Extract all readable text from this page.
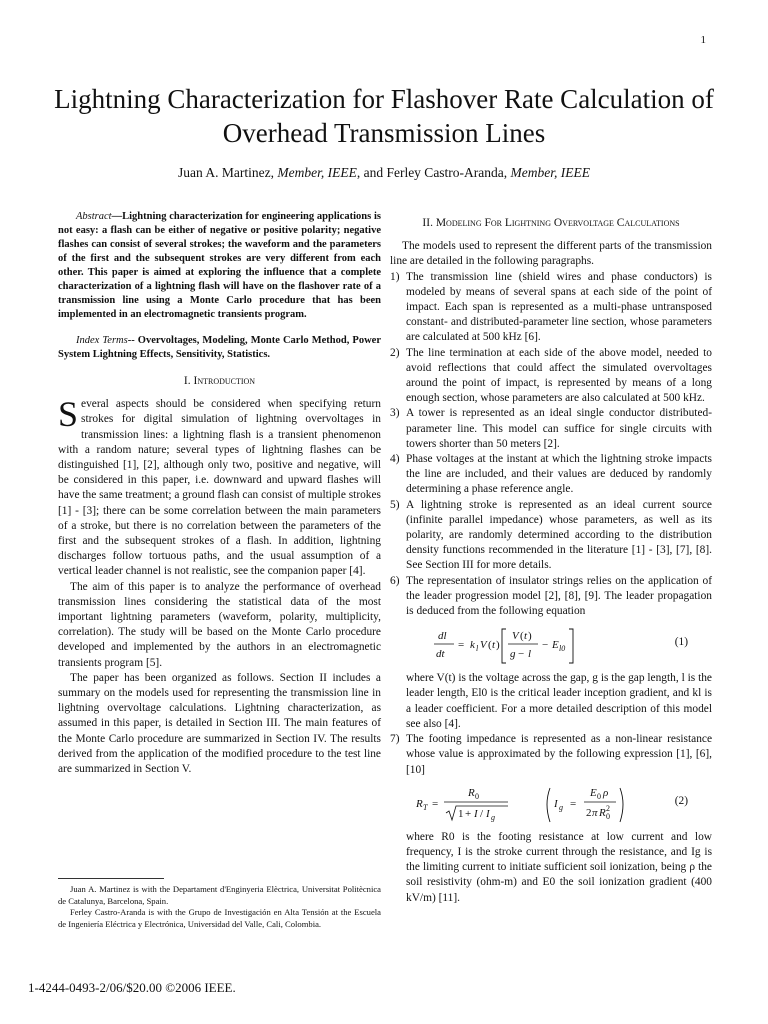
1
Lightning Characterization for Flashover Rate Calculation of Overhead Transmission Lines
Juan A. Martinez, Member, IEEE, and Ferley Castro-Aranda, Member, IEEE

Abstract—Lightning characterization for engineering applications is not easy: a flash can be either of negative or positive polarity; negative flashes can consist of several strokes; the waveform and the parameters of the first and the subsequent strokes are very different from each other. This paper is aimed at exploring the influence that a complete characterization of a lightning flash will have on the flashover rate of a transmission line using a Monte Carlo procedure that has been implemented in an electromagnetic transients program.

Index Terms-- Overvoltages, Modeling, Monte Carlo Method, Power System Lightning Effects, Sensitivity, Statistics.

I. Introduction

Several aspects should be considered when specifying return strokes for digital simulation of lightning overvoltages in transmission lines: a lightning flash is a transient phenomenon with a random nature; several types of lightning flashes can be distinguished [1], [2], although only two, positive and negative, will be considered in this paper, i.e. downward and upward flashes will have the same treatment; a ground flash can consist of multiple strokes [1] - [3]; there can be some correlation between the main parameters of a stroke, but there is no correlation between the parameters of the first and the subsequent strokes of a flash. In addition, lightning discharges follow tortuous paths, and the usual assumption of a vertical leader channel is not realistic, see the companion paper [4].

The aim of this paper is to analyze the performance of overhead transmission lines considering the statistical data of the most important lightning parameters (waveform, polarity, multiplicity, correlation). The study will be based on the Monte Carlo procedure developed and implemented by the authors in an electromagnetic transients program [5].

The paper has been organized as follows. Section II includes a summary on the models used for representing the transmission line in lightning overvoltage calculations. Lightning characterization, as assumed in this paper, is detailed in Section III. The main features of the Monte Carlo procedure are summarized in Section IV. The results derived from the application of the modified procedure to the test line are summarized in Section V.

Juan A. Martinez is with the Departament d'Enginyeria Elèctrica, Universitat Politècnica de Catalunya, Barcelona, Spain.

Ferley Castro-Aranda is with the Grupo de Investigación en Alta Tensión at the Escuela de Ingeniería Eléctrica y Electrónica, Universidad del Valle, Cali, Colombia.

1-4244-0493-2/06/$20.00 ©2006 IEEE.
II. Modeling For Lightning Overvoltage Calculations

The models used to represent the different parts of the transmission line are detailed in the following paragraphs.

1) The transmission line (shield wires and phase conductors) is modeled by means of several spans at each side of the point of impact. Each span is represented as a multi-phase untransposed constant- and distributed-parameter line section, whose parameters are calculated at 500 kHz [6].
2) The line termination at each side of the above model, needed to avoid reflections that could affect the simulated overvoltages around the point of impact, is represented by means of a long enough section, whose parameters are also calculated at 500 kHz.
3) A tower is represented as an ideal single conductor distributed-parameter line. This model can suffice for single circuits with towers shorter than 50 meters [2].
4) Phase voltages at the instant at which the lightning stroke impacts the line are included, and their values are deduced by randomly determining a phase reference angle.
5) A lightning stroke is represented as an ideal current source (infinite parallel impedance) whose parameters, as well as its polarity, are randomly determined according to the distribution density functions recommended in the literature [1] - [3], [7], [8]. See Section III for more details.
6) The representation of insulator strings relies on the application of the leader progression model [2], [8], [9]. The leader propagation is deduced from the following equation
dl
dt
= k l V ( t )
V ( t )
g − l
− E l0
(1)

where V(t) is the voltage across the gap, g is the gap length, l is the leader length, El0 is the critical leader inception gradient, and kl is a leader coefficient. For a more detailed description of this model see also [4].

7) The footing impedance is represented as a non-linear resistance whose value is approximated by the following expression [1], [6], [10]
R T =
R 0
1 + I / I g
I g =
E 0 ρ
2 π R 2
0
(2)

where R0 is the footing resistance at low current and low frequency, I is the stroke current through the resistance, and Ig is the limiting current to initiate sufficient soil ionization, being ρ the soil resistivity (ohm-m) and E0 the soil ionization gradient (400 kV/m) [11].
